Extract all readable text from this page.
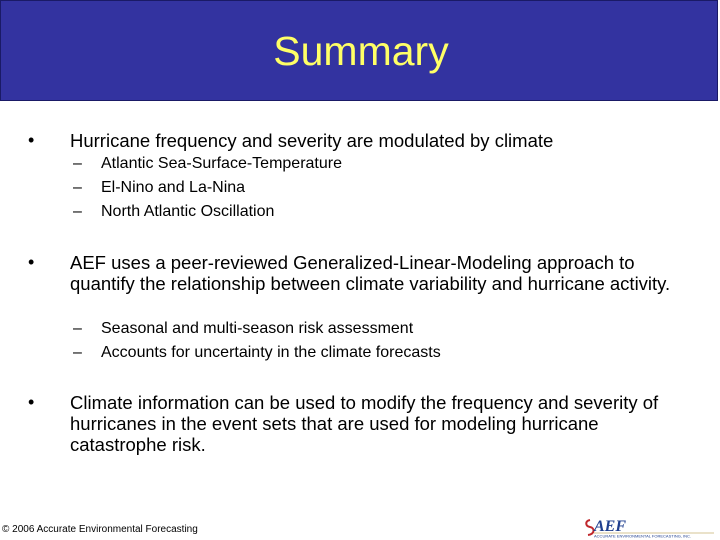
Summary
•	Hurricane frequency and severity are modulated by climate
–	Atlantic Sea-Surface-Temperature
–	El-Nino and La-Nina
–	North Atlantic Oscillation
•	AEF uses a peer-reviewed Generalized-Linear-Modeling approach to quantify the relationship between climate variability and hurricane activity.
–	Seasonal and multi-season risk assessment
–	Accounts for uncertainty in the climate forecasts
•	Climate information can be used to modify the frequency and severity of hurricanes in the event sets that are used for modeling hurricane catastrophe risk.
© 2006 Accurate Environmental Forecasting	AEF
ACCURATE ENVIRONMENTAL FORECASTING, INC.
